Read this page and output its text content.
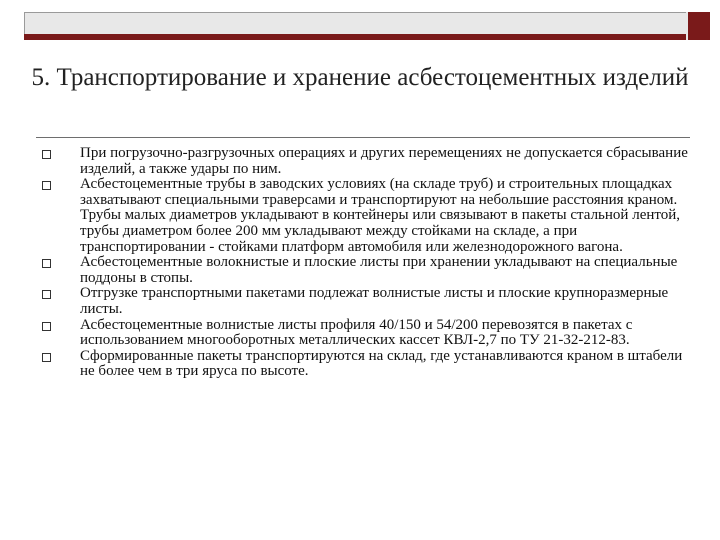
5. Транспортирование и хранение асбестоцементных изделий
При погрузочно-разгрузочных операциях и других перемещениях не допускается сбрасывание изделий, а также удары по ним.
Асбестоцементные трубы в заводских условиях (на складе труб) и строительных площадках захватывают специальными траверсами и транспортируют на небольшие расстояния краном. Трубы малых диаметров укладывают в контейнеры или связывают в пакеты стальной лентой, трубы диаметром более 200 мм укладывают между стойками на складе, а при транспортировании - стойками платформ автомобиля или железнодорожного вагона.
Асбестоцементные волокнистые и плоские листы при хранении укладывают на специальные поддоны в стопы.
Отгрузке транспортными пакетами подлежат волнистые листы и плоские крупноразмерные листы.
Асбестоцементные волнистые листы профиля 40/150 и 54/200 перевозятся в пакетах с использованием многооборотных металлических кассет КВЛ-2,7 по ТУ 21-32-212-83.
Сформированные пакеты транспортируются на склад, где устанавливаются краном в штабели не более чем в три яруса по высоте.
